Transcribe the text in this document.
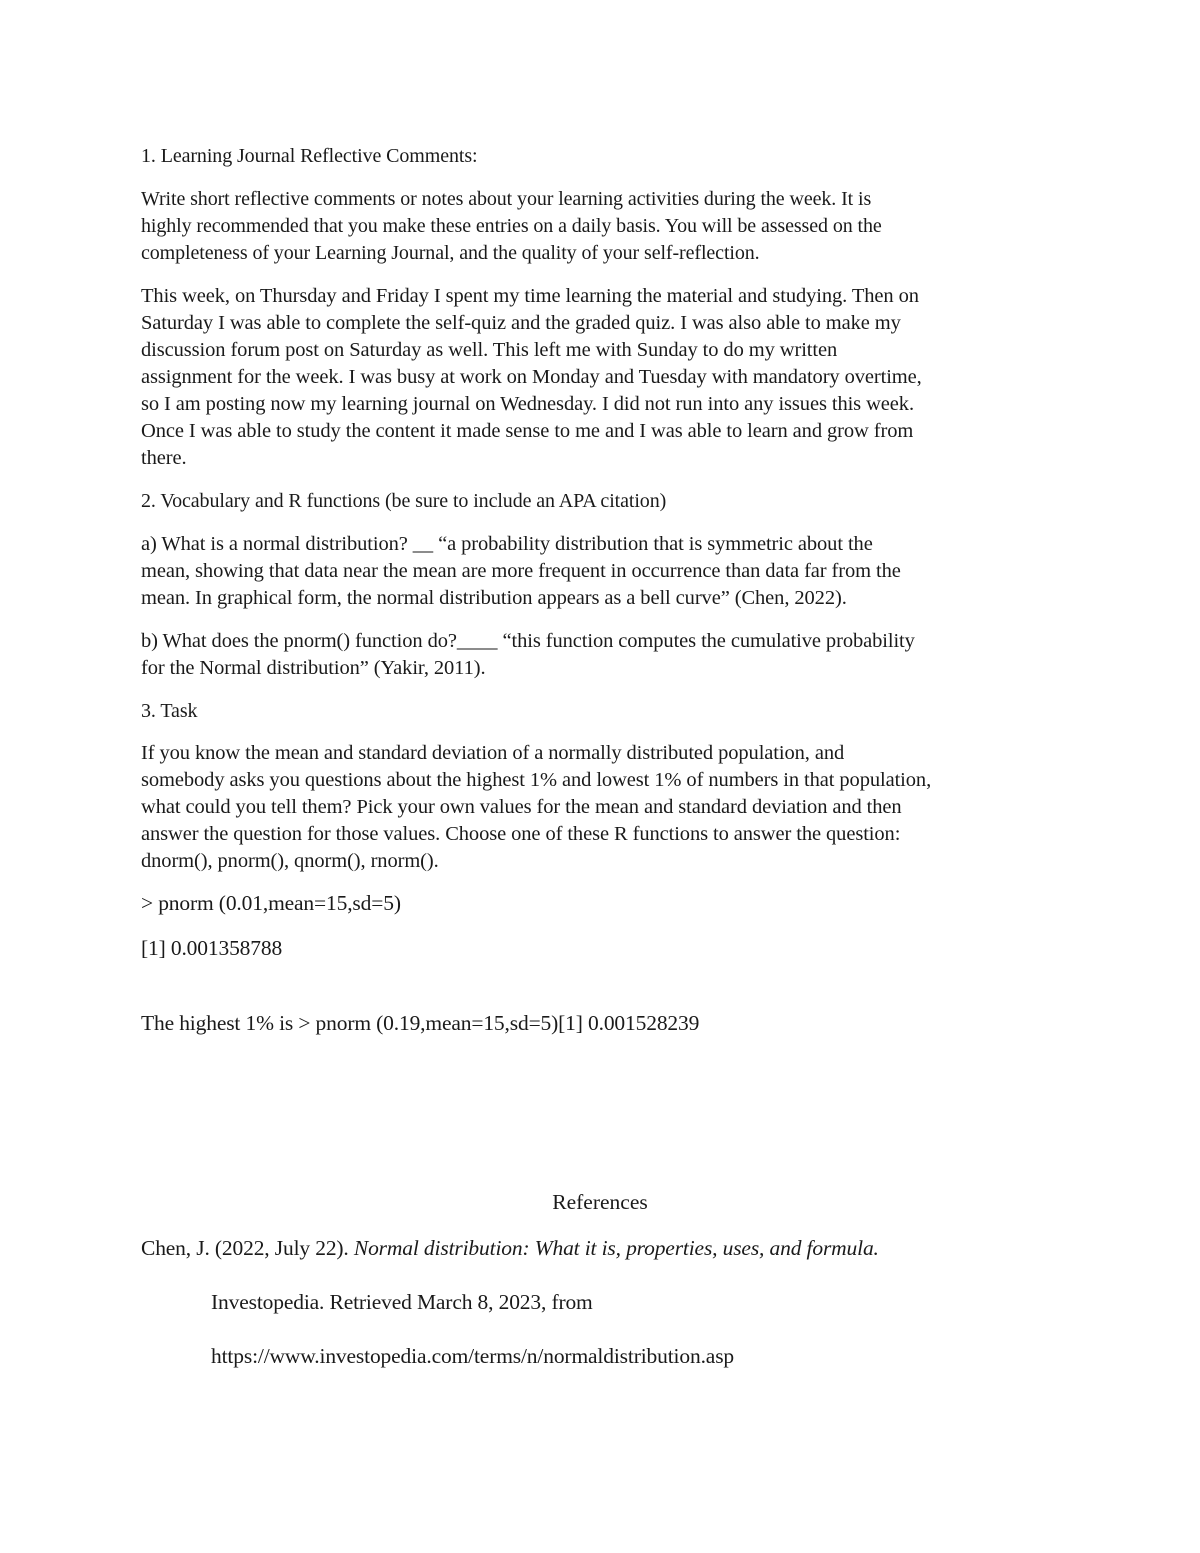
1. Learning Journal Reflective Comments:
Write short reflective comments or notes about your learning activities during the week. It is
highly recommended that you make these entries on a daily basis. You will be assessed on the
completeness of your Learning Journal, and the quality of your self-reflection.
This week, on Thursday and Friday I spent my time learning the material and studying. Then on
Saturday I was able to complete the self-quiz and the graded quiz. I was also able to make my
discussion forum post on Saturday as well. This left me with Sunday to do my written
assignment for the week. I was busy at work on Monday and Tuesday with mandatory overtime,
so I am posting now my learning journal on Wednesday. I did not run into any issues this week.
Once I was able to study the content it made sense to me and I was able to learn and grow from
there.
2. Vocabulary and R functions (be sure to include an APA citation)
a) What is a normal distribution? __ “a probability distribution that is symmetric about the
mean, showing that data near the mean are more frequent in occurrence than data far from the
mean. In graphical form, the normal distribution appears as a bell curve” (Chen, 2022).
b) What does the pnorm() function do?____ “this function computes the cumulative probability
for the Normal distribution” (Yakir, 2011).
3. Task
If you know the mean and standard deviation of a normally distributed population, and
somebody asks you questions about the highest 1% and lowest 1% of numbers in that population,
what could you tell them? Pick your own values for the mean and standard deviation and then
answer the question for those values. Choose one of these R functions to answer the question:
dnorm(), pnorm(), qnorm(), rnorm().
> pnorm (0.01,mean=15,sd=5)
[1] 0.001358788
The highest 1% is > pnorm (0.19,mean=15,sd=5)[1] 0.001528239
References
Chen, J. (2022, July 22). Normal distribution: What it is, properties, uses, and formula.
Investopedia. Retrieved March 8, 2023, from
https://www.investopedia.com/terms/n/normaldistribution.asp
